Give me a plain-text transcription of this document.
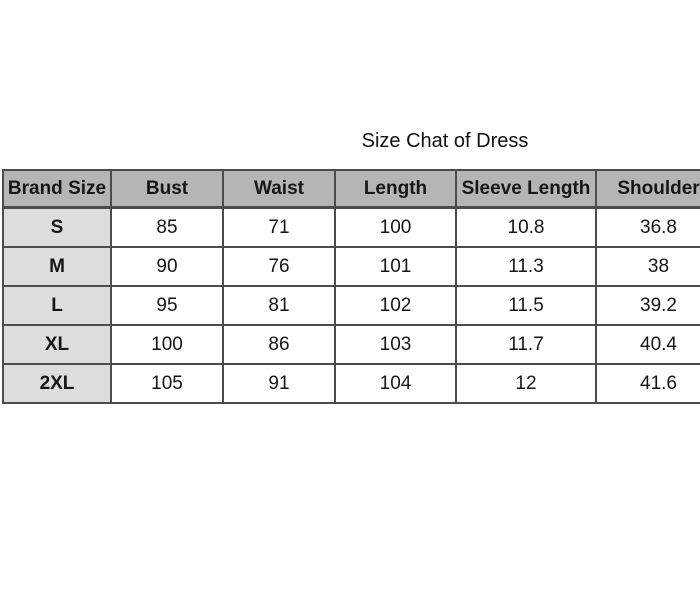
Size Chat of Dress
Brand Size	Bust	Waist	Length	Sleeve Length	Shoulder
S	85	71	100	10.8	36.8
M	90	76	101	11.3	38
L	95	81	102	11.5	39.2
XL	100	86	103	11.7	40.4
2XL	105	91	104	12	41.6
